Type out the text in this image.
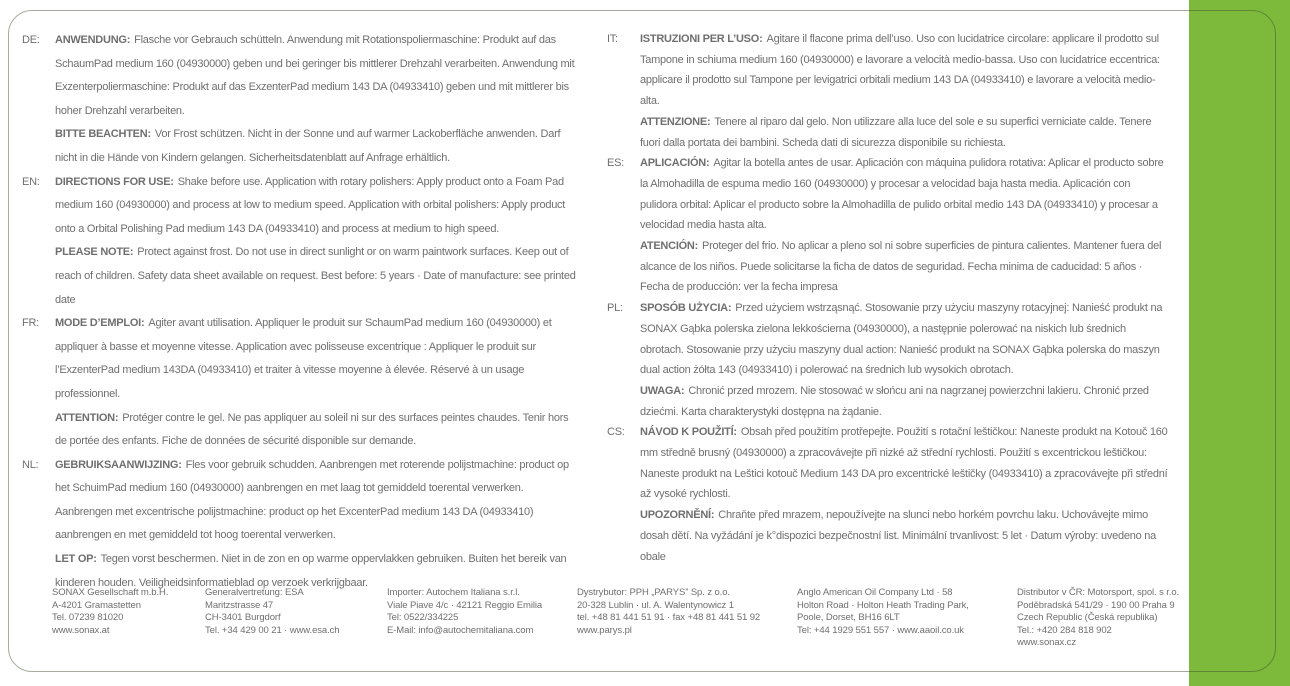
DE:	ANWENDUNG: Flasche vor Gebrauch schütteln. Anwendung mit Rotationspoliermaschine: Produkt auf das SchaumPad medium 160 (04930000) geben und bei geringer bis mittlerer Drehzahl verarbeiten. Anwendung mit Exzenterpoliermaschine: Produkt auf das ExzenterPad medium 143 DA (04933410) geben und mit mittlerer bis hoher Drehzahl verarbeiten.

BITTE BEACHTEN: Vor Frost schützen. Nicht in der Sonne und auf warmer Lackoberfläche anwenden. Darf nicht in die Hände von Kindern gelangen. Sicherheitsdatenblatt auf Anfrage erhältlich.

EN:	DIRECTIONS FOR USE: Shake before use. Application with rotary polishers: Apply product onto a Foam Pad medium 160 (04930000) and process at low to medium speed. Application with orbital polishers: Apply product onto a Orbital Polishing Pad medium 143 DA (04933410) and process at medium to high speed.

PLEASE NOTE: Protect against frost. Do not use in direct sunlight or on warm paintwork surfaces. Keep out of reach of children. Safety data sheet available on request. Best before: 5 years · Date of manufacture: see printed date

FR:	MODE D’EMPLOI: Agiter avant utilisation. Appliquer le produit sur SchaumPad medium 160 (04930000) et appliquer à basse et moyenne vitesse. Application avec polisseuse excentrique : Appliquer le produit sur l’ExzenterPad medium 143DA (04933410) et traiter à vitesse moyenne à élevée. Réservé à un usage professionnel.

ATTENTION: Protéger contre le gel. Ne pas appliquer au soleil ni sur des surfaces peintes chaudes. Tenir hors de portée des enfants. Fiche de données de sécurité disponible sur demande.

NL:	GEBRUIKSAANWIJZING: Fles voor gebruik schudden. Aanbrengen met roterende polijstmachine: product op het SchuimPad medium 160 (04930000) aanbrengen en met laag tot gemiddeld toerental verwerken. Aanbrengen met excentrische polijstmachine: product op het ExcenterPad medium 143 DA (04933410) aanbrengen en met gemiddeld tot hoog toerental verwerken.

LET OP: Tegen vorst beschermen. Niet in de zon en op warme oppervlakken gebruiken. Buiten het bereik van kinderen houden. Veiligheidsinformatieblad op verzoek verkrijgbaar.

IT:	ISTRUZIONI PER L’USO: Agitare il flacone prima dell’uso. Uso con lucidatrice circolare: applicare il prodotto sul Tampone in schiuma medium 160 (04930000) e lavorare a velocità medio-bassa. Uso con lucidatrice eccentrica: applicare il prodotto sul Tampone per levigatrici orbitali medium 143 DA (04933410) e lavorare a velocità medio-alta.

ATTENZIONE: Tenere al riparo dal gelo. Non utilizzare alla luce del sole e su superfici verniciate calde. Tenere fuori dalla portata dei bambini. Scheda dati di sicurezza disponibile su richiesta.

ES:	APLICACIÓN: Agitar la botella antes de usar. Aplicación con máquina pulidora rotativa: Aplicar el producto sobre la Almohadilla de espuma medio 160 (04930000) y procesar a velocidad baja hasta media. Aplicación con pulidora orbital: Aplicar el producto sobre la Almohadilla de pulido orbital medio 143 DA (04933410) y procesar a velocidad media hasta alta.

ATENCIÓN: Proteger del frio. No aplicar a pleno sol ni sobre superficies de pintura calientes. Mantener fuera del alcance de los niños. Puede solicitarse la ficha de datos de seguridad. Fecha minima de caducidad: 5 años · Fecha de producción: ver la fecha impresa

PL:	SPOSÓB UŻYCIA: Przed użyciem wstrząsnąć. Stosowanie przy użyciu maszyny rotacyjnej: Nanieść produkt na SONAX Gąbka polerska zielona lekkościerna (04930000), a następnie polerować na niskich lub średnich obrotach. Stosowanie przy użyciu maszyny dual action: Nanieść produkt na SONAX Gąbka polerska do maszyn dual action żółta 143 (04933410) i polerować na średnich lub wysokich obrotach.

UWAGA: Chronić przed mrozem. Nie stosować w słońcu ani na nagrzanej powierzchni lakieru. Chronić przed dziećmi. Karta charakterystyki dostępna na żądanie.

CS:	NÁVOD K POUŽITÍ: Obsah před použitím protřepejte. Použití s rotační leštičkou: Naneste produkt na Kotouč 160 mm středně brusný (04930000) a zpracovávejte při nizké až střední rychlosti. Použití s excentrickou leštičkou: Naneste produkt na Leštici kotouč Medium 143 DA pro excentrické leštičky (04933410) a zpracovávejte při střední až vysoké rychlosti.

UPOZORNĚNÍ: Chraňte před mrazem, nepoužívejte na slunci nebo horkém povrchu laku. Uchovávejte mimo dosah dětí. Na vyžádání je k°dispozici bezpečnostní list. Minimální trvanlivost: 5 let · Datum výroby: uvedeno na obale

SONAX Gesellschaft m.b.H.
A-4201 Gramastetten
Tel. 07239 81020
www.sonax.at
Generalvertretung: ESA
Maritzstrasse 47
CH-3401 Burgdorf
Tel. +34 429 00 21 · www.esa.ch
Importer: Autochem Italiana s.r.l.
Viale Piave 4/c · 42121 Reggio Emilia
Tel: 0522/334225
E-Mail: info@autochemitaliana.com
Dystrybutor: PPH „PARYS” Sp. z o.o.
20-328 Lublin · ul. A. Walentynowicz 1
tel. +48 81 441 51 91 · fax +48 81 441 51 92
www.parys.pl
Anglo American Oil Company Ltd · 58
Holton Road · Holton Heath Trading Park,
Poole, Dorset, BH16 6LT
Tel: +44 1929 551 557 · www.aaoil.co.uk
Distributor v ČR: Motorsport, spol. s r.o.
Poděbradská 541/29 · 190 00 Praha 9
Czech Republic (Česká republika)
Tel.: +420 284 818 902
www.sonax.cz
